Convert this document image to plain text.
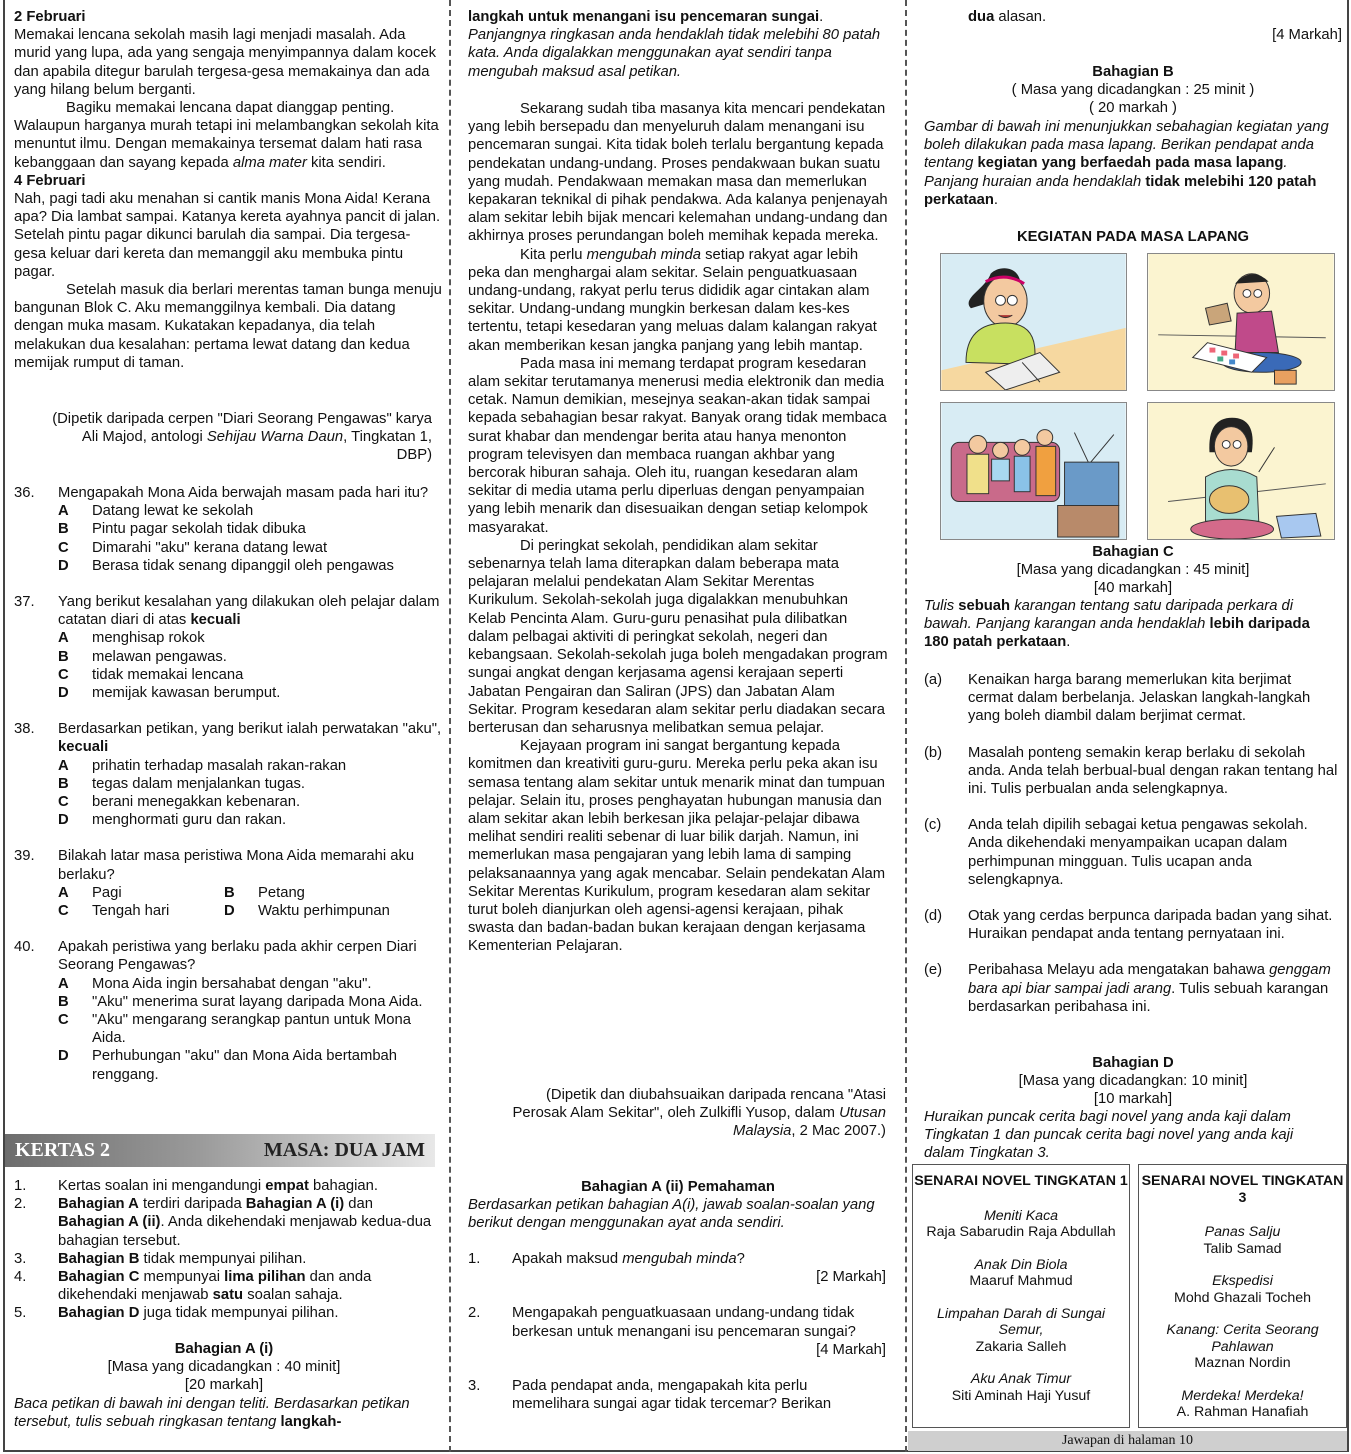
2 Februari

Memakai lencana sekolah masih lagi menjadi masalah. Ada murid yang lupa, ada yang sengaja menyimpannya dalam kocek dan apabila ditegur barulah tergesa-gesa memakainya dan ada yang hilang belum berganti.

Bagiku memakai lencana dapat dianggap penting. Walaupun harganya murah tetapi ini melambangkan sekolah kita menuntut ilmu. Dengan memakainya tersemat dalam hati rasa kebanggaan dan sayang kepada alma mater kita sendiri.

4 Februari

Nah, pagi tadi aku menahan si cantik manis Mona Aida! Kerana apa? Dia lambat sampai. Katanya kereta ayahnya pancit di jalan. Setelah pintu pagar dikunci barulah dia sampai. Dia tergesa-gesa keluar dari kereta dan memanggil aku membuka pintu pagar.

Setelah masuk dia berlari merentas taman bunga menuju bangunan Blok C. Aku memanggilnya kembali. Dia datang dengan muka masam. Kukatakan kepadanya, dia telah melakukan dua kesalahan: pertama lewat datang dan kedua memijak rumput di taman.

(Dipetik daripada cerpen "Diari Seorang Pengawas" karya Ali Majod, antologi Sehijau Warna Daun, Tingkatan 1, DBP)
36.	Mengapakah Mona Aida berwajah masam pada hari itu?
A	Datang lewat ke sekolah
B	Pintu pagar sekolah tidak dibuka
C	Dimarahi "aku" kerana datang lewat
D	Berasa tidak senang dipanggil oleh pengawas
37.	Yang berikut kesalahan yang dilakukan oleh pelajar dalam catatan diari di atas kecuali
A	menghisap rokok
B	melawan pengawas.
C	tidak memakai lencana
D	memijak kawasan berumput.
38.	Berdasarkan petikan, yang berikut ialah perwatakan "aku", kecuali
A	prihatin terhadap masalah rakan-rakan
B	tegas dalam menjalankan tugas.
C	berani menegakkan kebenaran.
D	menghormati guru dan rakan.
39.	Bilakah latar masa peristiwa Mona Aida memarahi aku berlaku?
A	Pagi	B	Petang
C	Tengah hari	D	Waktu perhimpunan
40.	Apakah peristiwa yang berlaku pada akhir cerpen Diari Seorang Pengawas?
A	Mona Aida ingin bersahabat dengan "aku".
B	"Aku" menerima surat layang daripada Mona Aida.
C	"Aku" mengarang serangkap pantun untuk Mona Aida.
D	Perhubungan "aku" dan Mona Aida bertambah renggang.
KERTAS 2	MASA: DUA JAM
1.	Kertas soalan ini mengandungi empat bahagian.
2.	Bahagian A terdiri daripada Bahagian A (i) dan Bahagian A (ii). Anda dikehendaki menjawab kedua-dua bahagian tersebut.
3.	Bahagian B tidak mempunyai pilihan.
4.	Bahagian C mempunyai lima pilihan dan anda dikehendaki menjawab satu soalan sahaja.
5.	Bahagian D juga tidak mempunyai pilihan.
Bahagian A (i)
[Masa yang dicadangkan : 40 minit]
[20 markah]
Baca petikan di bawah ini dengan teliti. Berdasarkan petikan tersebut, tulis sebuah ringkasan tentang langkah-
langkah untuk menangani isu pencemaran sungai. Panjangnya ringkasan anda hendaklah tidak melebihi 80 patah kata. Anda digalakkan menggunakan ayat sendiri tanpa mengubah maksud asal petikan.

Sekarang sudah tiba masanya kita mencari pendekatan yang lebih bersepadu dan menyeluruh dalam menangani isu pencemaran sungai. Kita tidak boleh terlalu bergantung kepada pendekatan undang-undang. Proses pendakwaan bukan suatu yang mudah. Pendakwaan memakan masa dan memerlukan kepakaran teknikal di pihak pendakwa. Ada kalanya penjenayah alam sekitar lebih bijak mencari kelemahan undang-undang dan akhirnya proses perundangan boleh memihak kepada mereka.

Kita perlu mengubah minda setiap rakyat agar lebih peka dan menghargai alam sekitar. Selain penguatkuasaan undang-undang, rakyat perlu terus dididik agar cintakan alam sekitar. Undang-undang mungkin berkesan dalam kes-kes tertentu, tetapi kesedaran yang meluas dalam kalangan rakyat akan memberikan kesan jangka panjang yang lebih mantap.

Pada masa ini memang terdapat program kesedaran alam sekitar terutamanya menerusi media elektronik dan media cetak. Namun demikian, mesejnya seakan-akan tidak sampai kepada sebahagian besar rakyat. Banyak orang tidak membaca surat khabar dan mendengar berita atau hanya menonton program televisyen dan membaca ruangan akhbar yang bercorak hiburan sahaja. Oleh itu, ruangan kesedaran alam sekitar di media utama perlu diperluas dengan penyampaian yang lebih menarik dan disesuaikan dengan setiap kelompok masyarakat.

Di peringkat sekolah, pendidikan alam sekitar sebenarnya telah lama diterapkan dalam beberapa mata pelajaran melalui pendekatan Alam Sekitar Merentas Kurikulum. Sekolah-sekolah juga digalakkan menubuhkan Kelab Pencinta Alam. Guru-guru penasihat pula dilibatkan dalam pelbagai aktiviti di peringkat sekolah, negeri dan kebangsaan. Sekolah-sekolah juga boleh mengadakan program sungai angkat dengan kerjasama agensi kerajaan seperti Jabatan Pengairan dan Saliran (JPS) dan Jabatan Alam Sekitar. Program kesedaran alam sekitar perlu diadakan secara berterusan dan seharusnya melibatkan semua pelajar.

Kejayaan program ini sangat bergantung kepada komitmen dan kreativiti guru-guru. Mereka perlu peka akan isu semasa tentang alam sekitar untuk menarik minat dan tumpuan pelajar. Selain itu, proses penghayatan hubungan manusia dan alam sekitar akan lebih berkesan jika pelajar-pelajar dibawa melihat sendiri realiti sebenar di luar bilik darjah. Namun, ini memerlukan masa pengajaran yang lebih lama di samping pelaksanaannya yang agak mencabar. Selain pendekatan Alam Sekitar Merentas Kurikulum, program kesedaran alam sekitar turut boleh dianjurkan oleh agensi-agensi kerajaan, pihak swasta dan badan-badan bukan kerajaan dengan kerjasama Kementerian Pelajaran.

(Dipetik dan diubahsuaikan daripada rencana "Atasi Perosak Alam Sekitar", oleh Zulkifli Yusop, dalam Utusan Malaysia, 2 Mac 2007.)
Bahagian A (ii) Pemahaman
Berdasarkan petikan bahagian A(i), jawab soalan-soalan yang berikut dengan menggunakan ayat anda sendiri.
1.	Apakah maksud mengubah minda?
[2 Markah]
2.	Mengapakah penguatkuasaan undang-undang tidak berkesan untuk menangani isu pencemaran sungai?
[4 Markah]
3.	Pada pendapat anda, mengapakah kita perlu memelihara sungai agar tidak tercemar? Berikan
dua alasan.
[4 Markah]
Bahagian B
( Masa yang dicadangkan : 25 minit )
( 20 markah )
Gambar di bawah ini menunjukkan sebahagian kegiatan yang boleh dilakukan pada masa lapang. Berikan pendapat anda tentang kegiatan yang berfaedah pada masa lapang. Panjang huraian anda hendaklah tidak melebihi 120 patah perkataan.
KEGIATAN PADA MASA LAPANG
Bahagian C
[Masa yang dicadangkan : 45 minit]
[40 markah]
Tulis sebuah karangan tentang satu daripada perkara di bawah. Panjang karangan anda hendaklah lebih daripada 180 patah perkataan.
(a)	Kenaikan harga barang memerlukan kita berjimat cermat dalam berbelanja. Jelaskan langkah-langkah yang boleh diambil dalam berjimat cermat.
(b)	Masalah ponteng semakin kerap berlaku di sekolah anda. Anda telah berbual-bual dengan rakan tentang hal ini. Tulis perbualan anda selengkapnya.
(c)	Anda telah dipilih sebagai ketua pengawas sekolah. Anda dikehendaki menyampaikan ucapan dalam perhimpunan mingguan. Tulis ucapan anda selengkapnya.
(d)	Otak yang cerdas berpunca daripada badan yang sihat. Huraikan pendapat anda tentang pernyataan ini.
(e)	Peribahasa Melayu ada mengatakan bahawa genggam bara api biar sampai jadi arang. Tulis sebuah karangan berdasarkan peribahasa ini.
Bahagian D
[Masa yang dicadangkan: 10 minit]
[10 markah]
Huraikan puncak cerita bagi novel yang anda kaji dalam Tingkatan 1 dan puncak cerita bagi novel yang anda kaji dalam Tingkatan 3.
SENARAI NOVEL TINGKATAN 1
Meniti Kaca
Raja Sabarudin Raja Abdullah
Anak Din Biola
Maaruf Mahmud
Limpahan Darah di Sungai Semur,
Zakaria Salleh
Aku Anak Timur
Siti Aminah Haji Yusuf
SENARAI NOVEL TINGKATAN 3
Panas Salju
Talib Samad
Ekspedisi
Mohd Ghazali Tocheh
Kanang: Cerita Seorang Pahlawan
Maznan Nordin
Merdeka! Merdeka!
A. Rahman Hanafiah
Jawapan di halaman 10
